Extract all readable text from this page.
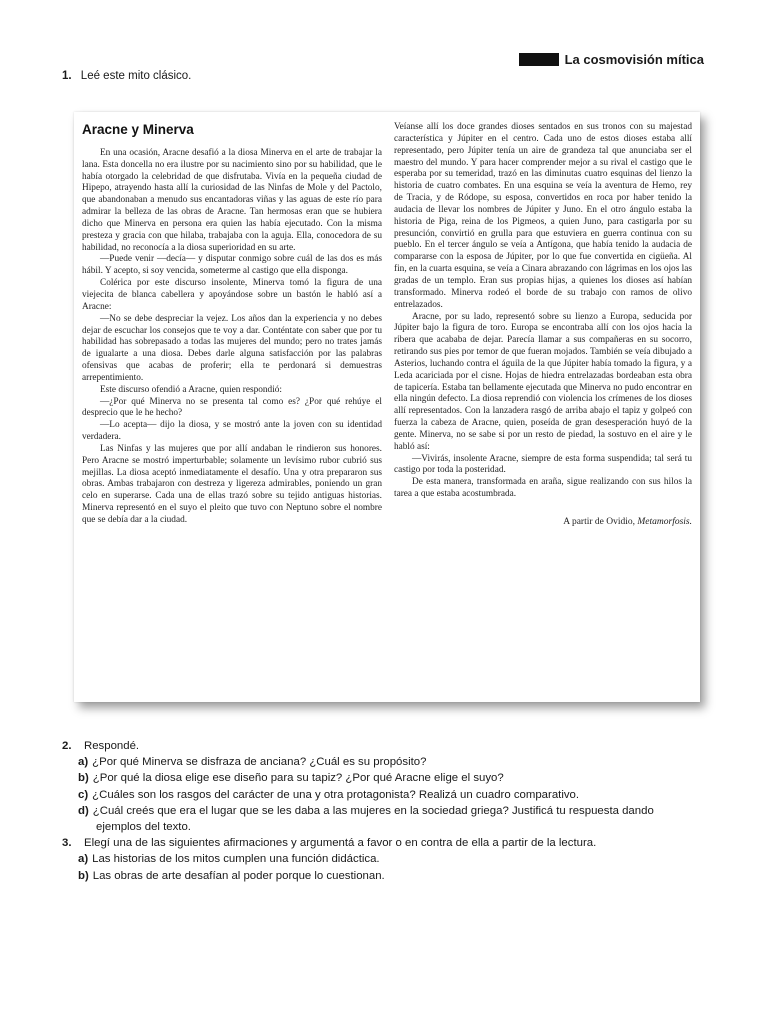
La cosmovisión mítica
1. Leé este mito clásico.
Aracne y Minerva

En una ocasión, Aracne desafió a la diosa Minerva en el arte de trabajar la lana. Esta doncella no era ilustre por su nacimiento sino por su habilidad, que le había otorgado la celebridad de que disfrutaba. Vivía en la pequeña ciudad de Hipepo, atrayendo hasta allí la curiosidad de las Ninfas de Mole y del Pactolo, que abandonaban a menudo sus encantadoras viñas y las aguas de este río para admirar la belleza de las obras de Aracne. Tan hermosas eran que se hubiera dicho que Minerva en persona era quien las había ejecutado. Con la misma presteza y gracia con que hilaba, trabajaba con la aguja. Ella, conocedora de su habilidad, no reconocía a la diosa superioridad en su arte.

—Puede venir —decía— y disputar conmigo sobre cuál de las dos es más hábil. Y acepto, si soy vencida, someterme al castigo que ella disponga.

Colérica por este discurso insolente, Minerva tomó la figura de una viejecita de blanca cabellera y apoyándose sobre un bastón le habló así a Aracne:

—No se debe despreciar la vejez. Los años dan la experiencia y no debes dejar de escuchar los consejos que te voy a dar. Conténtate con saber que por tu habilidad has sobrepasado a todas las mujeres del mundo; pero no trates jamás de igualarte a una diosa. Debes darle alguna satisfacción por las palabras ofensivas que acabas de proferir; ella te perdonará si demuestras arrepentimiento.

Este discurso ofendió a Aracne, quien respondió:

—¿Por qué Minerva no se presenta tal como es? ¿Por qué rehúye el desprecio que le he hecho?

—Lo acepta— dijo la diosa, y se mostró ante la joven con su identidad verdadera.

Las Ninfas y las mujeres que por allí andaban le rindieron sus honores. Pero Aracne se mostró imperturbable; solamente un levísimo rubor cubrió sus mejillas. La diosa aceptó inmediatamente el desafío. Una y otra prepararon sus obras. Ambas trabajaron con destreza y ligereza admirables, poniendo un gran celo en superarse. Cada una de ellas trazó sobre su tejido antiguas historias. Minerva representó en el suyo el pleito que tuvo con Neptuno sobre el nombre que se debía dar a la ciudad.

Veíanse allí los doce grandes dioses sentados en sus tronos con su majestad característica y Júpiter en el centro. Cada uno de estos dioses estaba allí representado, pero Júpiter tenía un aire de grandeza tal que anunciaba ser el maestro del mundo. Y para hacer comprender mejor a su rival el castigo que le esperaba por su temeridad, trazó en las diminutas cuatro esquinas del lienzo la historia de cuatro combates. En una esquina se veía la aventura de Hemo, rey de Tracia, y de Ródope, su esposa, convertidos en roca por haber tenido la audacia de llevar los nombres de Júpiter y Juno. En el otro ángulo estaba la historia de Piga, reina de los Pigmeos, a quien Juno, para castigarla por su presunción, convirtió en grulla para que estuviera en guerra continua con su pueblo. En el tercer ángulo se veía a Antígona, que había tenido la audacia de compararse con la esposa de Júpiter, por lo que fue convertida en cigüeña. Al fin, en la cuarta esquina, se veía a Cinara abrazando con lágrimas en los ojos las gradas de un templo. Eran sus propias hijas, a quienes los dioses así habían transformado. Minerva rodeó el borde de su trabajo con ramos de olivo entrelazados.

Aracne, por su lado, representó sobre su lienzo a Europa, seducida por Júpiter bajo la figura de toro. Europa se encontraba allí con los ojos hacia la ribera que acababa de dejar. Parecía llamar a sus compañeras en su socorro, retirando sus pies por temor de que fueran mojados. También se veía dibujado a Asterios, luchando contra el águila de la que Júpiter había tomado la figura, y a Leda acariciada por el cisne. Hojas de hiedra entrelazadas bordeaban esta obra de tapicería. Estaba tan bellamente ejecutada que Minerva no pudo encontrar en ella ningún defecto. La diosa reprendió con violencia los crímenes de los dioses allí representados. Con la lanzadera rasgó de arriba abajo el tapiz y golpeó con fuerza la cabeza de Aracne, quien, poseída de gran desesperación huyó de la gente. Minerva, no se sabe si por un resto de piedad, la sostuvo en el aire y le habló así:

—Vivirás, insolente Aracne, siempre de esta forma suspendida; tal será tu castigo por toda la posteridad.

De esta manera, transformada en araña, sigue realizando con sus hilos la tarea a que estaba acostumbrada.

A partir de Ovidio, Metamorfosis.

2.	Respondé.
a) ¿Por qué Minerva se disfraza de anciana? ¿Cuál es su propósito?
b) ¿Por qué la diosa elige ese diseño para su tapiz? ¿Por qué Aracne elige el suyo?
c) ¿Cuáles son los rasgos del carácter de una y otra protagonista? Realizá un cuadro comparativo.
d) ¿Cuál creés que era el lugar que se les daba a las mujeres en la sociedad griega? Justificá tu respuesta dando
ejemplos del texto.
3.	Elegí una de las siguientes afirmaciones y argumentá a favor o en contra de ella a partir de la lectura.
a) Las historias de los mitos cumplen una función didáctica.
b) Las obras de arte desafían al poder porque lo cuestionan.
